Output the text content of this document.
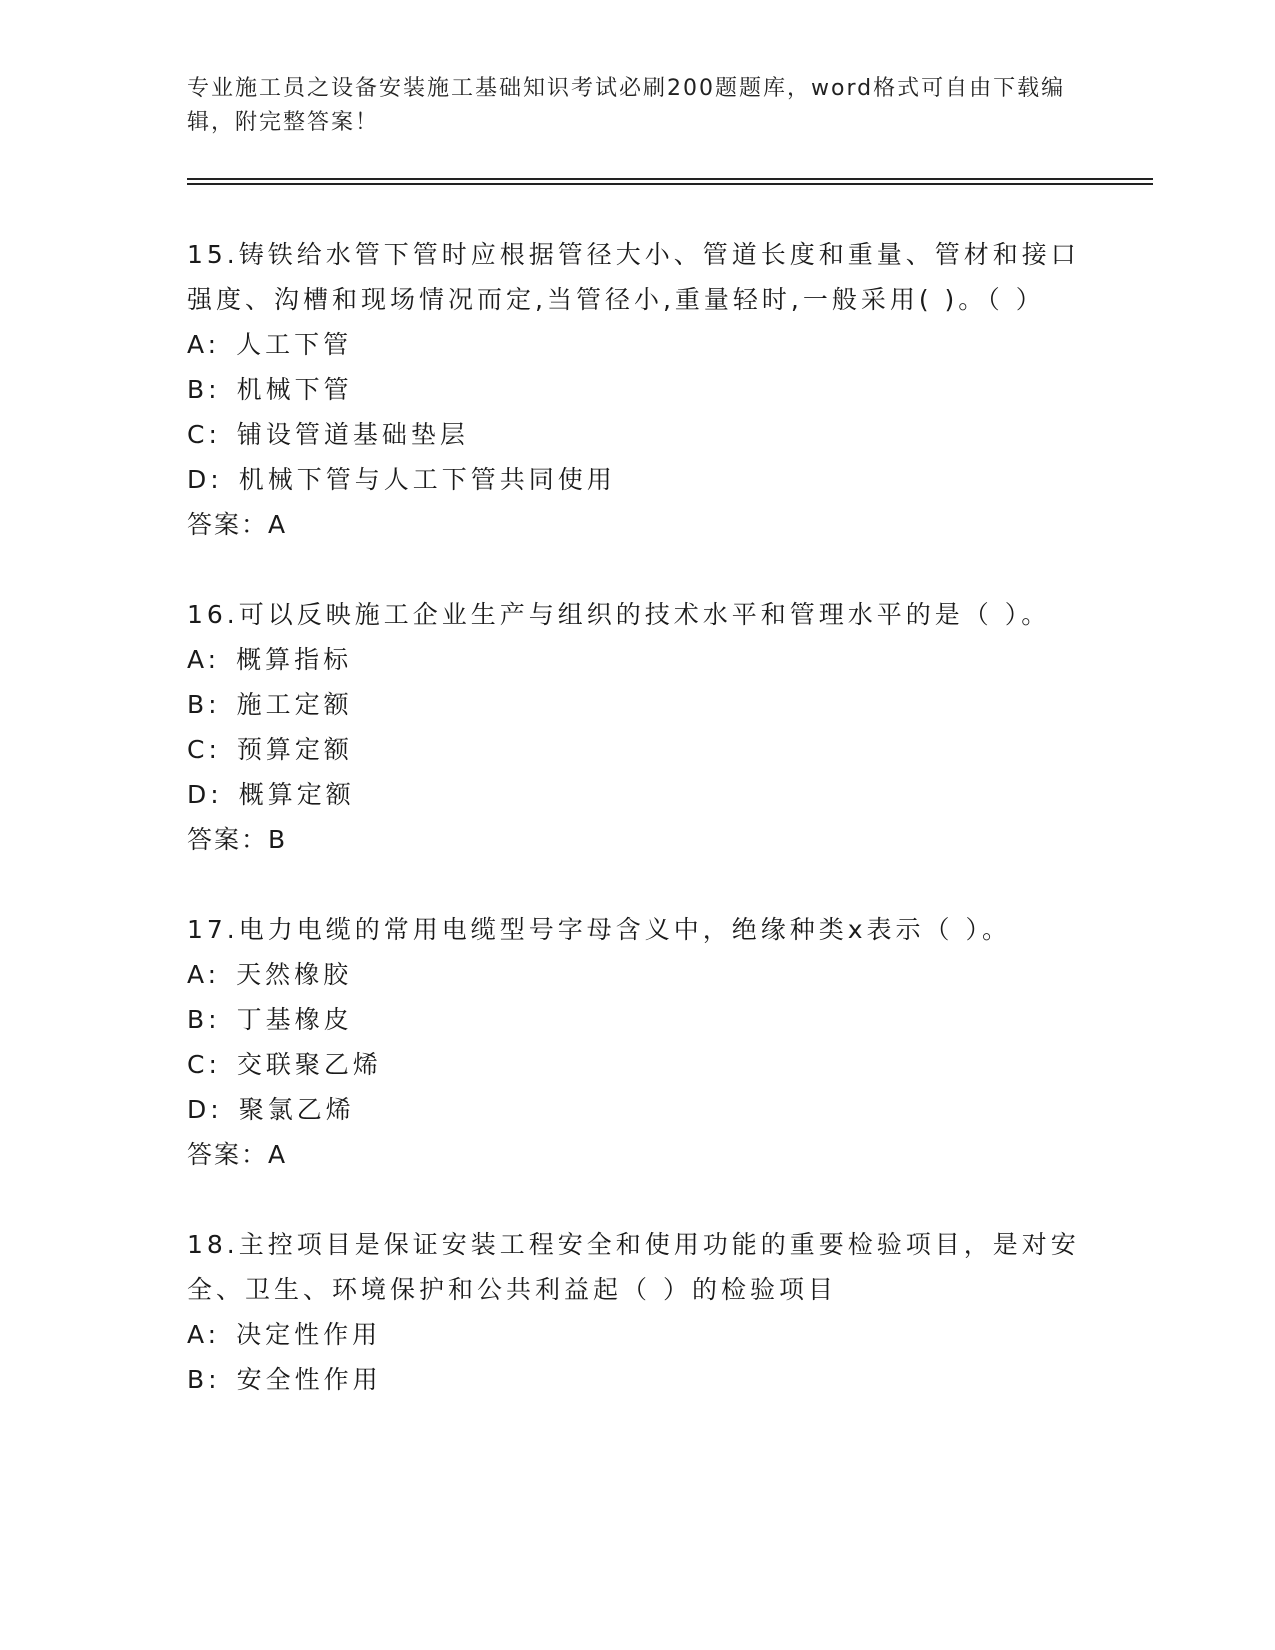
专业施工员之设备安装施工基础知识考试必刷200题题库，word格式可自由下载编辑，附完整答案！
15.铸铁给水管下管时应根据管径大小、管道长度和重量、管材和接口强度、沟槽和现场情况而定,当管径小,重量轻时,一般采用( )。（ ）
A: 人工下管
B: 机械下管
C: 铺设管道基础垫层
D: 机械下管与人工下管共同使用
答案：A
16.可以反映施工企业生产与组织的技术水平和管理水平的是（ ）。
A: 概算指标
B: 施工定额
C: 预算定额
D: 概算定额
答案：B
17.电力电缆的常用电缆型号字母含义中，绝缘种类x表示（ ）。
A: 天然橡胶
B: 丁基橡皮
C: 交联聚乙烯
D: 聚氯乙烯
答案：A
18.主控项目是保证安装工程安全和使用功能的重要检验项目，是对安全、卫生、环境保护和公共利益起（ ）的检验项目
A: 决定性作用
B: 安全性作用
